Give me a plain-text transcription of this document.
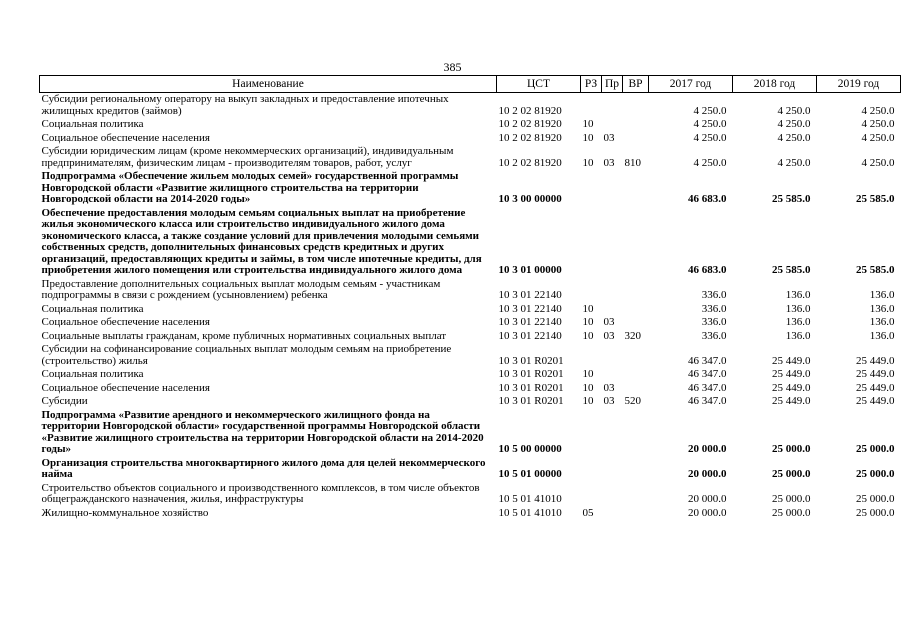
385
Наименование	ЦСТ	РЗ	Пр	ВР	2017 год	2018 год	2019 год
Субсидии региональному оператору на выкуп закладных и предоставление ипотечных жилищных кредитов (займов)	10 2 02 81920				4 250.0	4 250.0	4 250.0
Социальная политика	10 2 02 81920	10			4 250.0	4 250.0	4 250.0
Социальное обеспечение населения	10 2 02 81920	10	03		4 250.0	4 250.0	4 250.0
Субсидии юридическим лицам (кроме некоммерческих организаций), индивидуальным предпринимателям, физическим лицам - производителям товаров, работ, услуг	10 2 02 81920	10	03	810	4 250.0	4 250.0	4 250.0
Подпрограмма «Обеспечение жильем молодых семей» государственной программы Новгородской области «Развитие жилищного строительства на территории Новгородской области на 2014-2020 годы»	10 3 00 00000				46 683.0	25 585.0	25 585.0
Обеспечение предоставления молодым семьям социальных выплат на приобретение жилья экономического класса или строительство индивидуального жилого дома экономического класса, а также создание условий для привлечения молодыми семьями собственных средств, дополнительных финансовых средств кредитных и других организаций, предоставляющих кредиты и займы, в том числе ипотечные кредиты, для приобретения жилого помещения или строительства индивидуального жилого дома	10 3 01 00000				46 683.0	25 585.0	25 585.0
Предоставление дополнительных социальных выплат молодым семьям - участникам подпрограммы в связи с рождением (усыновлением) ребенка	10 3 01 22140				336.0	136.0	136.0
Социальная политика	10 3 01 22140	10			336.0	136.0	136.0
Социальное обеспечение населения	10 3 01 22140	10	03		336.0	136.0	136.0
Социальные выплаты гражданам, кроме публичных нормативных социальных выплат	10 3 01 22140	10	03	320	336.0	136.0	136.0
Субсидии на софинансирование социальных выплат молодым семьям на приобретение (строительство) жилья	10 3 01 R0201				46 347.0	25 449.0	25 449.0
Социальная политика	10 3 01 R0201	10			46 347.0	25 449.0	25 449.0
Социальное обеспечение населения	10 3 01 R0201	10	03		46 347.0	25 449.0	25 449.0
Субсидии	10 3 01 R0201	10	03	520	46 347.0	25 449.0	25 449.0
Подпрограмма «Развитие арендного и некоммерческого жилищного фонда на территории Новгородской области» государственной программы Новгородской области «Развитие жилищного строительства на территории Новгородской области на 2014-2020 годы»	10 5 00 00000				20 000.0	25 000.0	25 000.0
Организация строительства многоквартирного жилого дома для целей некоммерческого найма	10 5 01 00000				20 000.0	25 000.0	25 000.0
Строительство объектов социального и производственного комплексов, в том числе объектов общегражданского назначения, жилья, инфраструктуры	10 5 01 41010				20 000.0	25 000.0	25 000.0
Жилищно-коммунальное хозяйство	10 5 01 41010	05			20 000.0	25 000.0	25 000.0
